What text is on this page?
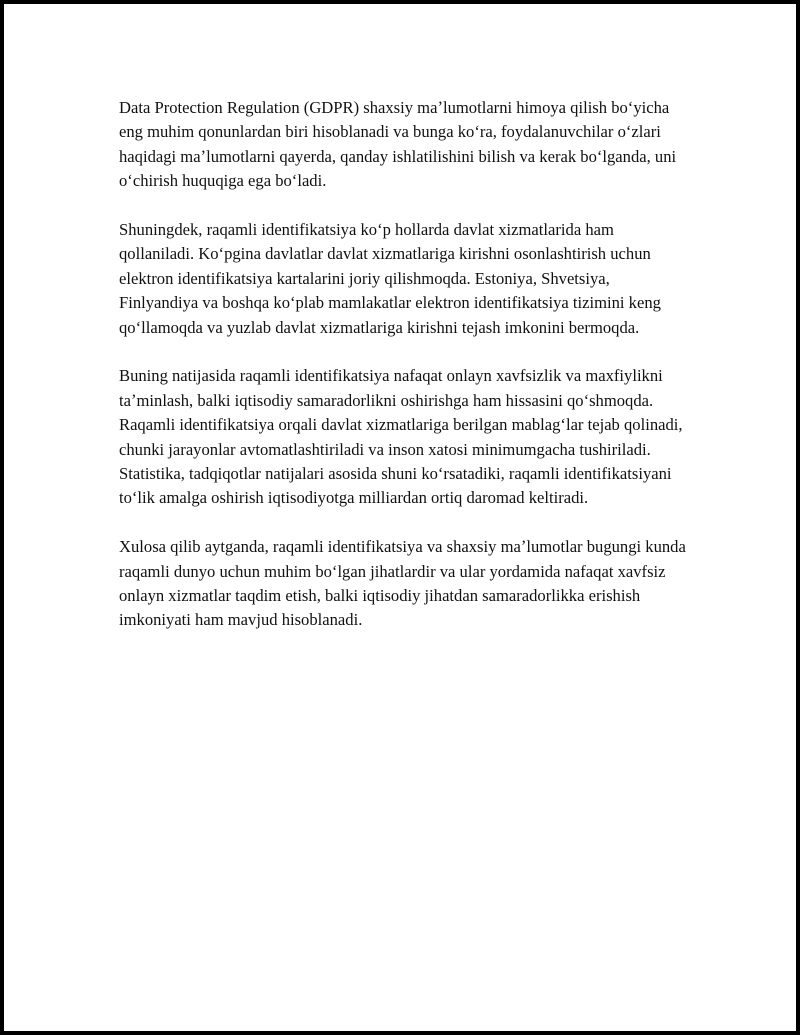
Data Protection Regulation (GDPR) shaxsiy maʼlumotlarni himoya qilish boʻyicha eng muhim qonunlardan biri hisoblanadi va bunga koʻra, foydalanuvchilar oʻzlari haqidagi maʼlumotlarni qayerda, qanday ishlatilishini bilish va kerak boʻlganda, uni oʻchirish huquqiga ega boʻladi.

Shuningdek, raqamli identifikatsiya koʻp hollarda davlat xizmatlarida ham qollaniladi. Koʻpgina davlatlar davlat xizmatlariga kirishni osonlashtirish uchun elektron identifikatsiya kartalarini joriy qilishmoqda. Estoniya, Shvetsiya, Finlyandiya va boshqa koʻplab mamlakatlar elektron identifikatsiya tizimini keng qoʻllamoqda va yuzlab davlat xizmatlariga kirishni tejash imkonini bermoqda.

Buning natijasida raqamli identifikatsiya nafaqat onlayn xavfsizlik va maxfiylikni taʼminlash, balki iqtisodiy samaradorlikni oshirishga ham hissasini qoʻshmoqda. Raqamli identifikatsiya orqali davlat xizmatlariga berilgan mablagʻlar tejab qolinadi, chunki jarayonlar avtomatlashtiriladi va inson xatosi minimumgacha tushiriladi. Statistika, tadqiqotlar natijalari asosida shuni koʻrsatadiki, raqamli identifikatsiyani toʻlik amalga oshirish iqtisodiyotga milliardan ortiq daromad keltiradi.

Xulosa qilib aytganda, raqamli identifikatsiya va shaxsiy maʼlumotlar bugungi kunda raqamli dunyo uchun muhim boʻlgan jihatlardir va ular yordamida nafaqat xavfsiz onlayn xizmatlar taqdim etish, balki iqtisodiy jihatdan samaradorlikka erishish imkoniyati ham mavjud hisoblanadi.
